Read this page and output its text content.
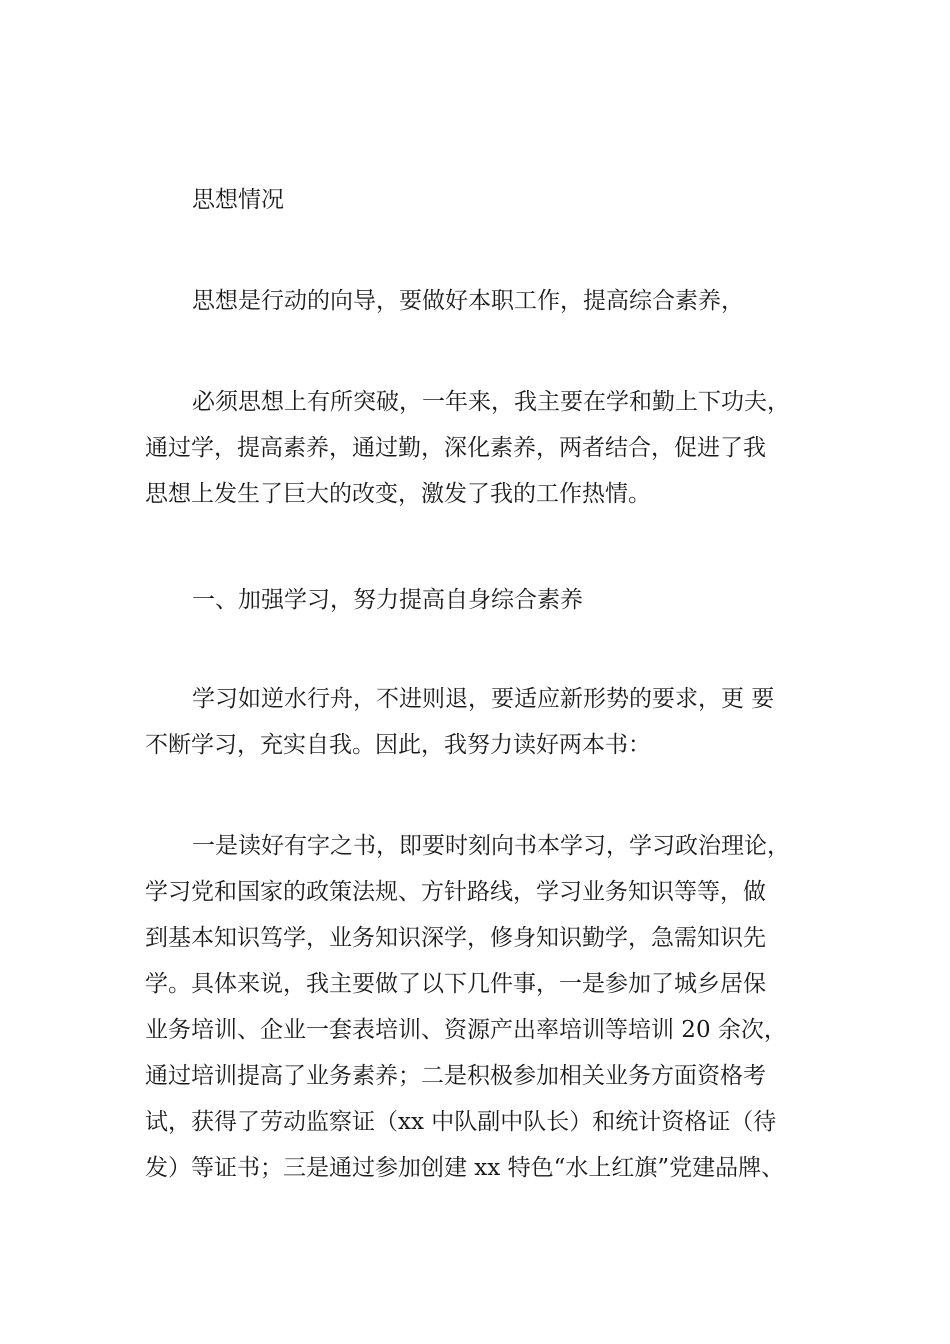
思想情况

思想是行动的向导，要做好本职工作，提高综合素养，

必须思想上有所突破，一年来，我主要在学和勤上下功夫，
通过学，提高素养，通过勤，深化素养，两者结合，促进了我
思想上发生了巨大的改变，激发了我的工作热情。

一、加强学习，努力提高自身综合素养

学习如逆水行舟，不进则退，要适应新形势的要求，更 要
不断学习，充实自我。因此，我努力读好两本书：

一是读好有字之书，即要时刻向书本学习，学习政治理论，
学习党和国家的政策法规、方针路线，学习业务知识等等，做
到基本知识笃学，业务知识深学，修身知识勤学，急需知识先
学。具体来说，我主要做了以下几件事，一是参加了城乡居保
业务培训、企业一套表培训、资源产出率培训等培训 20 余次，
通过培训提高了业务素养；二是积极参加相关业务方面资格考
试，获得了劳动监察证（xx 中队副中队长）和统计资格证（待
发）等证书；三是通过参加创建 xx 特色“水上红旗”党建品牌、
